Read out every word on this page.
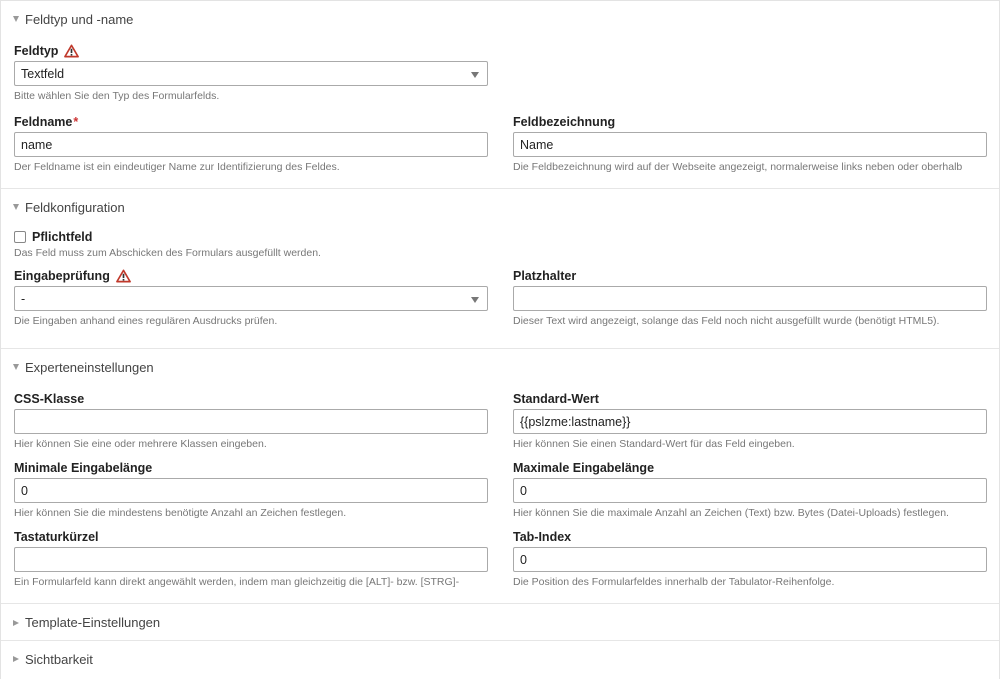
Feldtyp und -name
Feldtyp
Textfeld
Bitte wählen Sie den Typ des Formularfelds.
Feldname *
name
Der Feldname ist ein eindeutiger Name zur Identifizierung des Feldes.
Feldbezeichnung
Name
Die Feldbezeichnung wird auf der Webseite angezeigt, normalerweise links neben oder oberhalb
Feldkonfiguration
Pflichtfeld
Das Feld muss zum Abschicken des Formulars ausgefüllt werden.
Eingabeprüfung
-
Die Eingaben anhand eines regulären Ausdrucks prüfen.
Platzhalter
Dieser Text wird angezeigt, solange das Feld noch nicht ausgefüllt wurde (benötigt HTML5).
Experteneinstellungen
CSS-Klasse
Hier können Sie eine oder mehrere Klassen eingeben.
Standard-Wert
{{pslzme:lastname}}
Hier können Sie einen Standard-Wert für das Feld eingeben.
Minimale Eingabelänge
0
Hier können Sie die mindestens benötigte Anzahl an Zeichen festlegen.
Maximale Eingabelänge
0
Hier können Sie die maximale Anzahl an Zeichen (Text) bzw. Bytes (Datei-Uploads) festlegen.
Tastaturkürzel
Ein Formularfeld kann direkt angewählt werden, indem man gleichzeitig die [ALT]- bzw. [STRG]-
Tab-Index
0
Die Position des Formularfeldes innerhalb der Tabulator-Reihenfolge.
Template-Einstellungen
Sichtbarkeit
